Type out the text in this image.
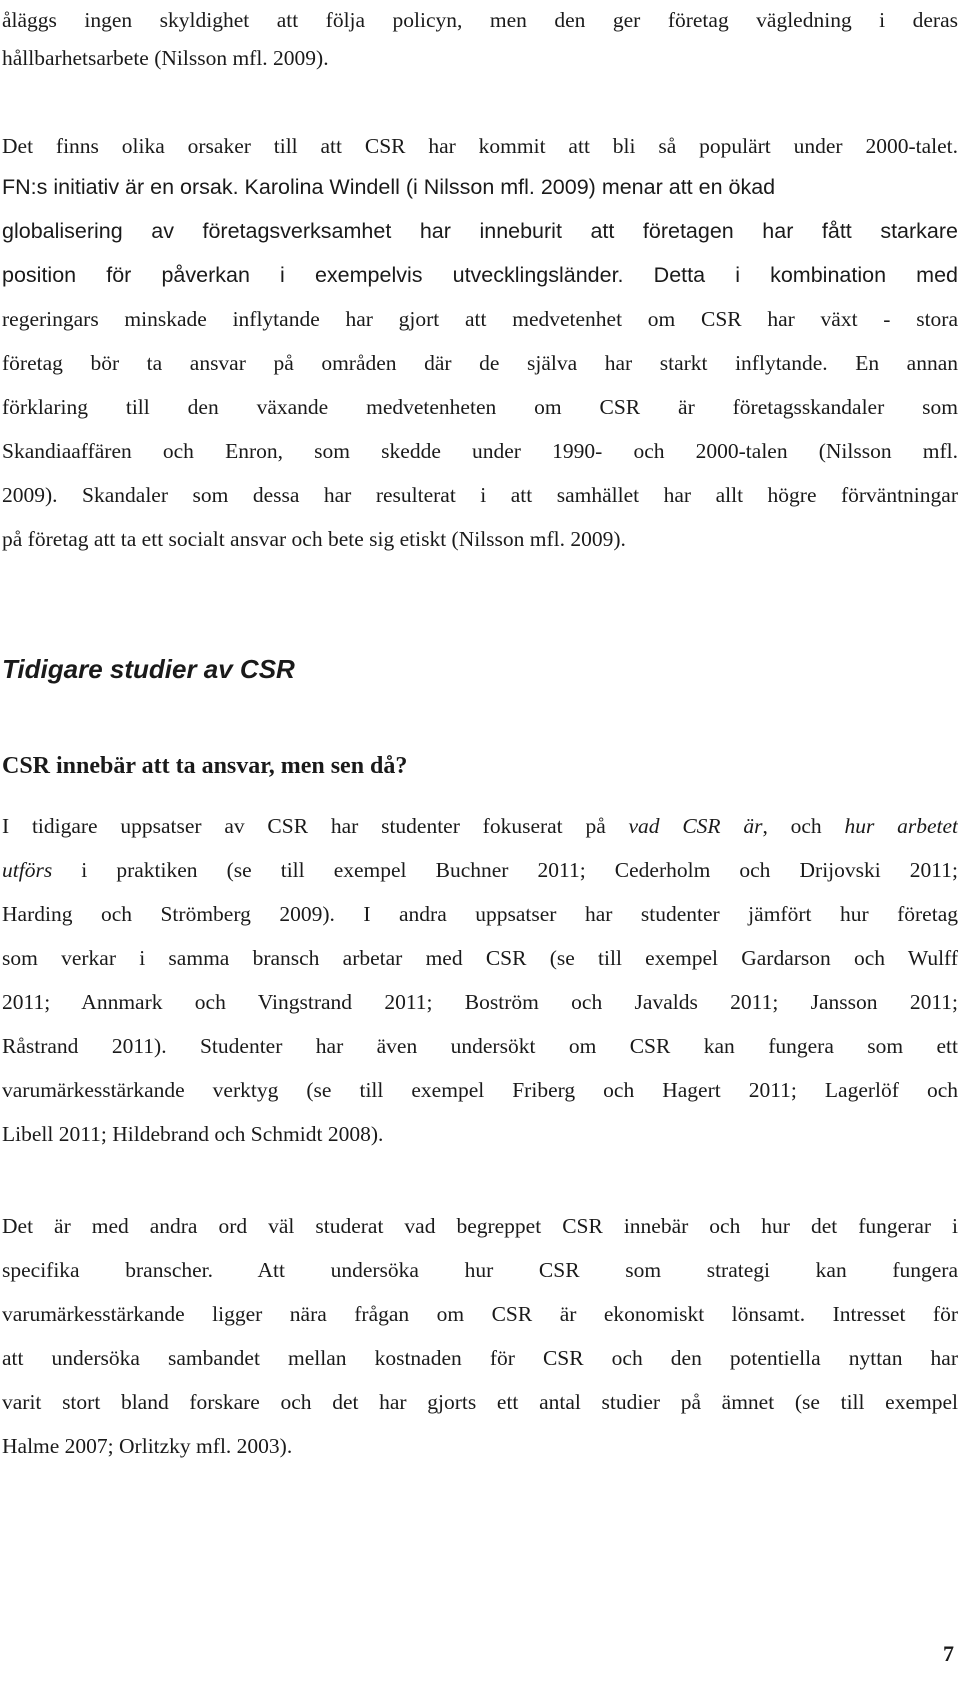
åläggs ingen skyldighet att följa policyn, men den ger företag vägledning i deras
hållbarhetsarbete (Nilsson mfl. 2009).
Det finns olika orsaker till att CSR har kommit att bli så populärt under 2000-talet.
FN:s initiativ är en orsak. Karolina Windell (i Nilsson mfl. 2009) menar att en ökad
globalisering av företagsverksamhet har inneburit att företagen har fått starkare
position för påverkan i exempelvis utvecklingsländer. Detta i kombination med
regeringars minskade inflytande har gjort att medvetenhet om CSR har växt - stora
företag bör ta ansvar på områden där de själva har starkt inflytande. En annan
förklaring till den växande medvetenheten om CSR är företagsskandaler som
Skandiaaffären och Enron, som skedde under 1990- och 2000-talen (Nilsson mfl.
2009). Skandaler som dessa har resulterat i att samhället har allt högre förväntningar
på företag att ta ett socialt ansvar och bete sig etiskt (Nilsson mfl. 2009).
Tidigare studier av CSR
CSR innebär att ta ansvar, men sen då?
I tidigare uppsatser av CSR har studenter fokuserat på vad CSR är, och hur arbetet
utförs i praktiken (se till exempel Buchner 2011; Cederholm och Drijovski 2011;
Harding och Strömberg 2009). I andra uppsatser har studenter jämfört hur företag
som verkar i samma bransch arbetar med CSR (se till exempel Gardarson och Wulff
2011; Annmark och Vingstrand 2011; Boström och Javalds 2011; Jansson 2011;
Råstrand 2011). Studenter har även undersökt om CSR kan fungera som ett
varumärkesstärkande verktyg (se till exempel Friberg och Hagert 2011; Lagerlöf och
Libell 2011; Hildebrand och Schmidt 2008).
Det är med andra ord väl studerat vad begreppet CSR innebär och hur det fungerar i
specifika branscher. Att undersöka hur CSR som strategi kan fungera
varumärkesstärkande ligger nära frågan om CSR är ekonomiskt lönsamt. Intresset för
att undersöka sambandet mellan kostnaden för CSR och den potentiella nyttan har
varit stort bland forskare och det har gjorts ett antal studier på ämnet (se till exempel
Halme 2007; Orlitzky mfl. 2003).
7
